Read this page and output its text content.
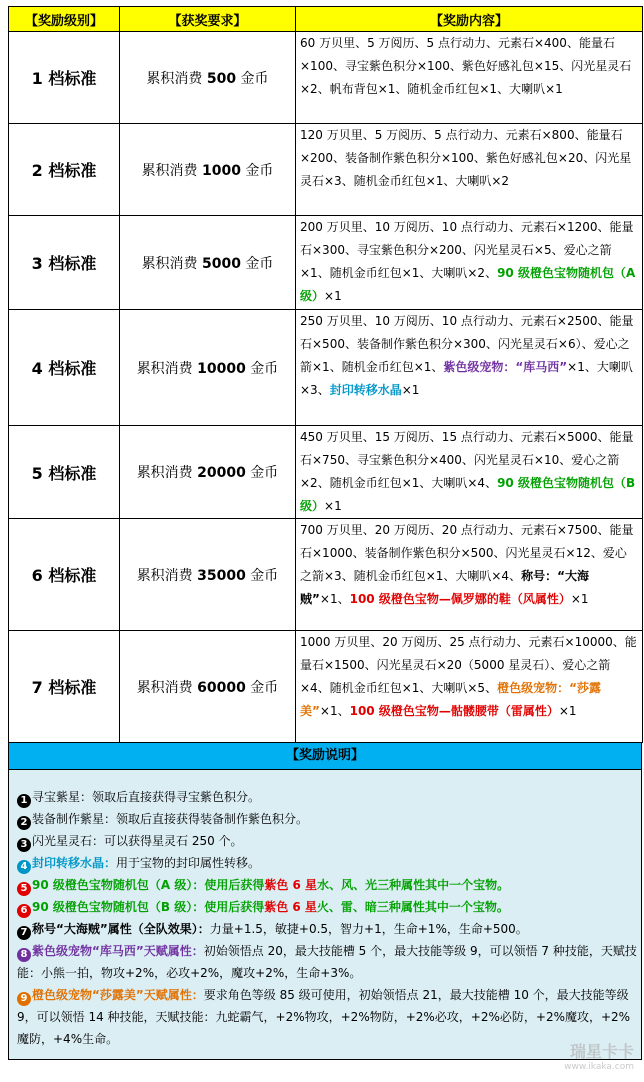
【奖励级别】	【获奖要求】	【奖励内容】
1 档标准	累积消费 500 金币	60 万贝里、5 万阅历、5 点行动力、元素石×400、能量石×100、寻宝紫色积分×100、紫色好感礼包×15、闪光星灵石×2、帆布背包×1、随机金币红包×1、大喇叭×1
2 档标准	累积消费 1000 金币	120 万贝里、5 万阅历、5 点行动力、元素石×800、能量石×200、装备制作紫色积分×100、紫色好感礼包×20、闪光星灵石×3、随机金币红包×1、大喇叭×2
3 档标准	累积消费 5000 金币	200 万贝里、10 万阅历、10 点行动力、元素石×1200、能量石×300、寻宝紫色积分×200、闪光星灵石×5、爱心之箭×1、随机金币红包×1、大喇叭×2、90 级橙色宝物随机包（A 级）×1
4 档标准	累积消费 10000 金币	250 万贝里、10 万阅历、10 点行动力、元素石×2500、能量石×500、装备制作紫色积分×300、闪光星灵石×6）、爱心之箭×1、随机金币红包×1、紫色级宠物：“库马西”×1、大喇叭×3、封印转移水晶×1
5 档标准	累积消费 20000 金币	450 万贝里、15 万阅历、15 点行动力、元素石×5000、能量石×750、寻宝紫色积分×400、闪光星灵石×10、爱心之箭×2、随机金币红包×1、大喇叭×4、90 级橙色宝物随机包（B 级）×1
6 档标准	累积消费 35000 金币	700 万贝里、20 万阅历、20 点行动力、元素石×7500、能量石×1000、装备制作紫色积分×500、闪光星灵石×12、爱心之箭×3、随机金币红包×1、大喇叭×4、称号：“大海贼”×1、100 级橙色宝物—佩罗娜的鞋（风属性）×1
7 档标准	累积消费 60000 金币	1000 万贝里、20 万阅历、25 点行动力、元素石×10000、能量石×1500、闪光星灵石×20（5000 星灵石）、爱心之箭×4、随机金币红包×1、大喇叭×5、橙色级宠物：“莎露美”×1、100 级橙色宝物—骷髅腰带（雷属性）×1
【奖励说明】
1 寻宝紫星：领取后直接获得寻宝紫色积分。
2 装备制作紫星：领取后直接获得装备制作紫色积分。
3 闪光星灵石：可以获得星灵石 250 个。
4 封印转移水晶：用于宝物的封印属性转移。
5 90 级橙色宝物随机包（A 级）：使用后获得紫色 6 星水、风、光三种属性其中一个宝物。
6 90 级橙色宝物随机包（B 级）：使用后获得紫色 6 星火、雷、暗三种属性其中一个宝物。
7 称号“大海贼”属性（全队效果）：力量+1.5，敏捷+0.5，智力+1，生命+1%，生命+500。
8 紫色级宠物“库马西”天赋属性：初始领悟点 20，最大技能槽 5 个，最大技能等级 9，可以领悟 7 种技能，天赋技能：小熊一拍，物攻+2%，必攻+2%，魔攻+2%，生命+3%。
9 橙色级宠物“莎露美”天赋属性：要求角色等级 85 级可使用，初始领悟点 21，最大技能槽 10 个，最大技能等级 9，可以领悟 14 种技能，天赋技能：九蛇霸气，+2%物攻，+2%物防，+2%必攻，+2%必防，+2%魔攻，+2%魔防，+4%生命。
瑞星卡卡
www.ikaka.com
